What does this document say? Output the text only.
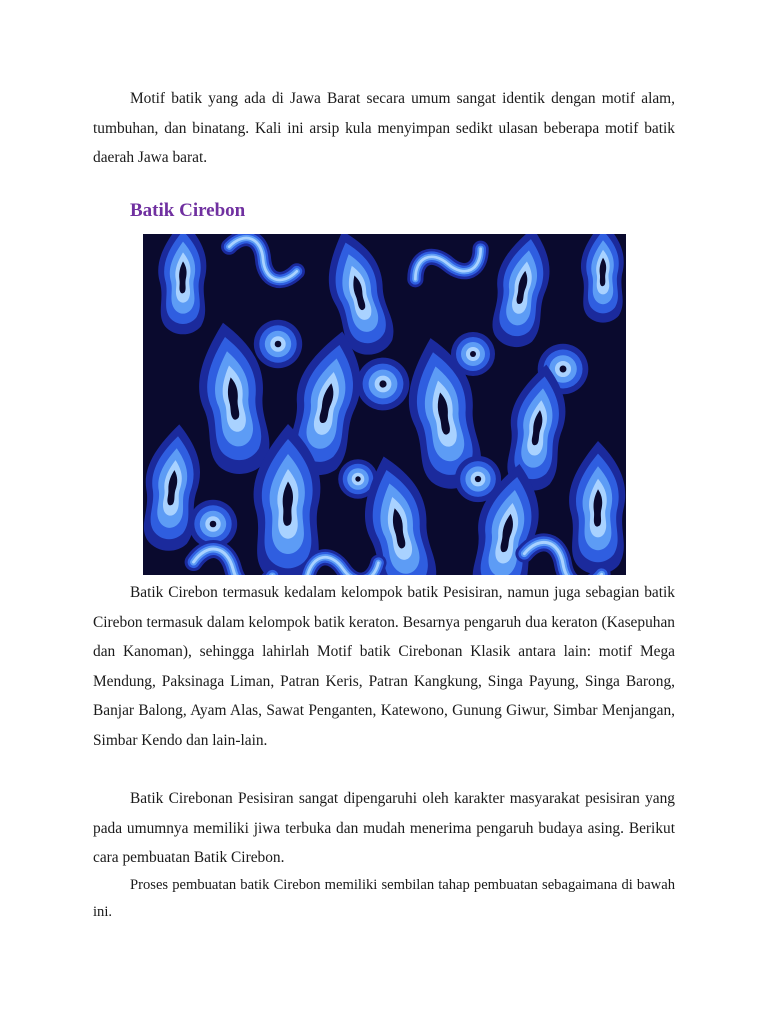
Motif batik yang ada di Jawa Barat secara umum sangat identik dengan motif alam, tumbuhan, dan binatang. Kali ini arsip kula menyimpan sedikt ulasan beberapa motif batik daerah Jawa barat.

Batik Cirebon

Batik Cirebon termasuk kedalam kelompok batik Pesisiran, namun juga sebagian batik Cirebon termasuk dalam kelompok batik keraton. Besarnya pengaruh dua keraton (Kasepuhan dan Kanoman), sehingga lahirlah Motif batik Cirebonan Klasik antara lain: motif Mega Mendung, Paksinaga Liman, Patran Keris, Patran Kangkung, Singa Payung, Singa Barong, Banjar Balong, Ayam Alas, Sawat Penganten, Katewono, Gunung Giwur, Simbar Menjangan, Simbar Kendo dan lain-lain.

Batik Cirebonan Pesisiran sangat dipengaruhi oleh karakter masyarakat pesisiran yang pada umumnya memiliki jiwa terbuka dan mudah menerima pengaruh budaya asing. Berikut cara pembuatan Batik Cirebon.

Proses pembuatan batik Cirebon memiliki sembilan tahap pembuatan sebagaimana di bawah ini.
